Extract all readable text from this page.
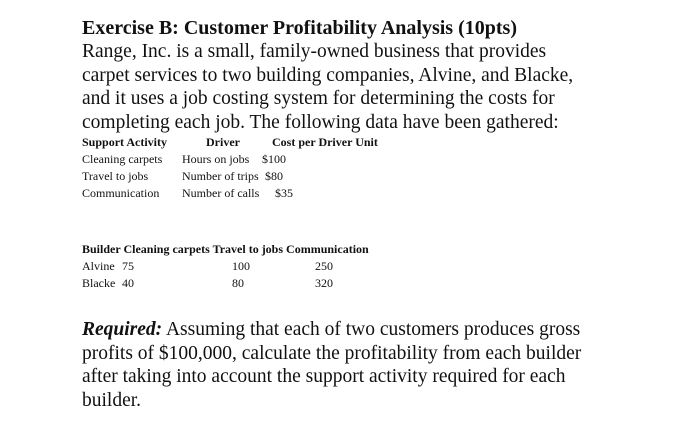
Exercise B: Customer Profitability Analysis (10pts)
Range, Inc. is a small, family-owned business that provides
carpet services to two building companies, Alvine, and Blacke,
and it uses a job costing system for determining the costs for
completing each job. The following data have been gathered:
Support Activity	Driver	Cost per Driver Unit
Cleaning carpets Hours on jobs $100
Travel to jobs	Number of trips $80
Communication Number of calls $35
Builder Cleaning carpets Travel to jobs Communication
Alvine 75	100	250
Blacke 40	80	320
Required: Assuming that each of two customers produces gross
profits of $100,000, calculate the profitability from each builder
after taking into account the support activity required for each
builder.
